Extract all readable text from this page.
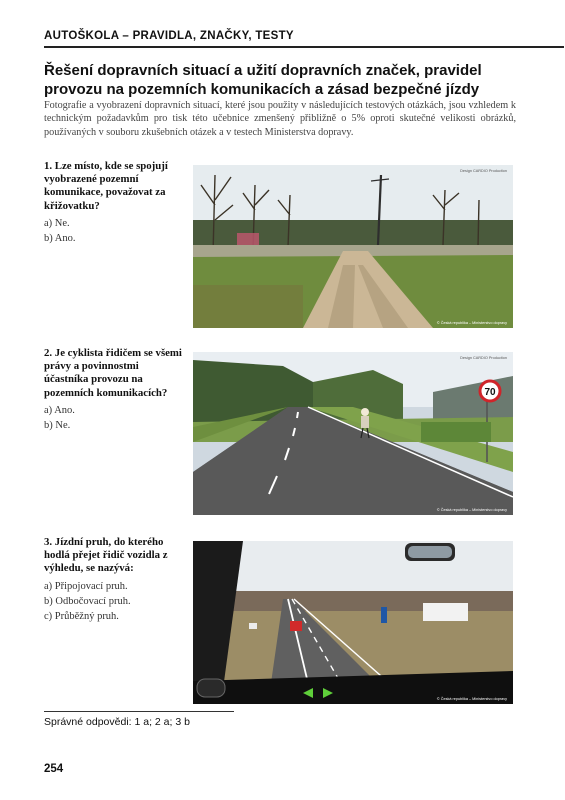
AUTOŠKOLA – PRAVIDLA, ZNAČKY, TESTY
Řešení dopravních situací a užití dopravních značek, pravidel provozu na pozemních komunikacích a zásad bezpečné jízdy

Fotografie a vyobrazení dopravních situací, které jsou použity v následujících testových otázkách, jsou vzhledem k technickým požadavkům pro tisk této učebnice zmenšený přibližně o 5% oproti skutečné velikosti obrázků, používaných v souboru zkušebních otázek a v testech Ministerstva dopravy.

1. Lze místo, kde se spojují vyobrazené pozemní komunikace, považovat za křižovatku?

a) Ne.

b) Ano.

Design CARDIO Production
© Česká republika – Ministerstvo dopravy

2. Je cyklista řidičem se všemi právy a povinnostmi účastníka provozu na pozemních komunikacích?

a) Ano.

b) Ne.

70
Design CARDIO Production
© Česká republika – Ministerstvo dopravy

3. Jízdní pruh, do kterého hodlá přejet řidič vozidla z výhledu, se nazývá:

a) Připojovací pruh.

b) Odbočovací pruh.

c) Průběžný pruh.

© Česká republika – Ministerstvo dopravy
Správné odpovědi: 1 a; 2 a; 3 b
254
